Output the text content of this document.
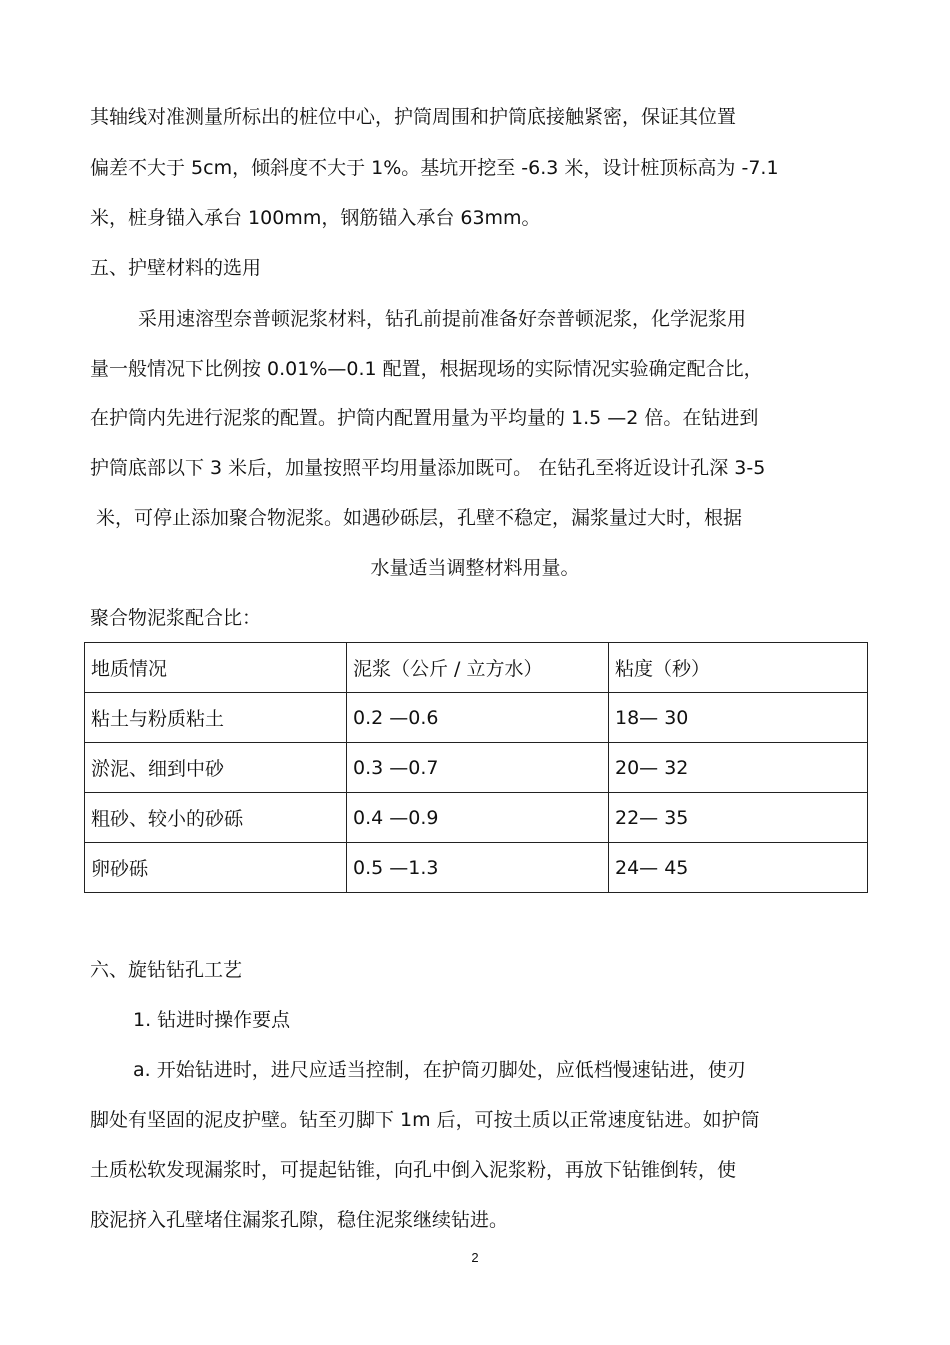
其轴线对准测量所标出的桩位中心，护筒周围和护筒底接触紧密，保证其位置
偏差不大于 5cm，倾斜度不大于 1%。基坑开挖至 -6.3 米，设计桩顶标高为 -7.1
米，桩身锚入承台 100mm，钢筋锚入承台 63mm。
五、护壁材料的选用
采用速溶型奈普顿泥浆材料，钻孔前提前准备好奈普顿泥浆，化学泥浆用
量一般情况下比例按 0.01%—0.1 配置，根据现场的实际情况实验确定配合比，
在护筒内先进行泥浆的配置。护筒内配置用量为平均量的 1.5 —2 倍。在钻进到
护筒底部以下 3 米后，加量按照平均用量添加既可。 在钻孔至将近设计孔深 3-5
米，可停止添加聚合物泥浆。如遇砂砾层，孔壁不稳定，漏浆量过大时，根据
水量适当调整材料用量。
聚合物泥浆配合比：
地质情况	泥浆（公斤 / 立方水）	粘度（秒）
粘土与粉质粘土	0.2 —0.6	18— 30
淤泥、细到中砂	0.3 —0.7	20— 32
粗砂、较小的砂砾	0.4 —0.9	22— 35
卵砂砾	0.5 —1.3	24— 45
六、旋钻钻孔工艺
1. 钻进时操作要点
a. 开始钻进时，进尺应适当控制，在护筒刃脚处，应低档慢速钻进，使刃
脚处有坚固的泥皮护壁。钻至刃脚下 1m 后，可按土质以正常速度钻进。如护筒
土质松软发现漏浆时，可提起钻锥，向孔中倒入泥浆粉，再放下钻锥倒转，使
胶泥挤入孔壁堵住漏浆孔隙，稳住泥浆继续钻进。
2
